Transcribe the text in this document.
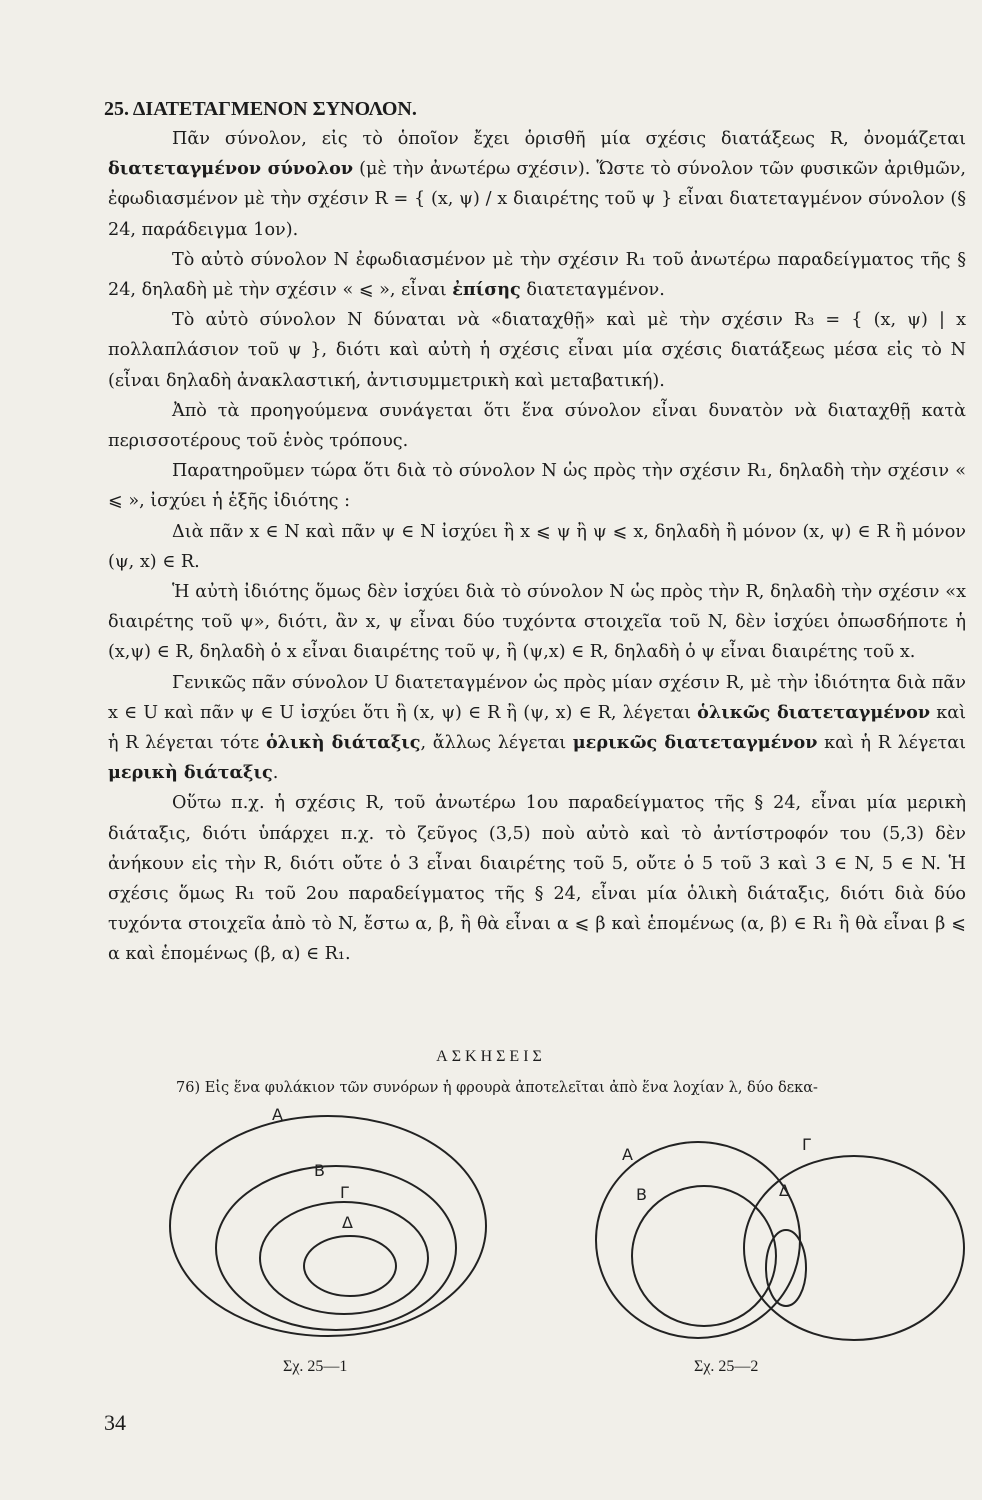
25. ΔΙΑΤΕΤΑΓΜΕΝΟΝ ΣΥΝΟΛΟΝ.

Πᾶν σύνολον, εἰς τὸ ὁποῖον ἔχει ὁρισθῆ μία σχέσις διατάξεως R, ὀνομάζεται διατεταγμένον σύνολον (μὲ τὴν ἀνωτέρω σχέσιν). Ὥστε τὸ σύνολον τῶν φυσικῶν ἀριθμῶν, ἐφωδιασμένον μὲ τὴν σχέσιν R = { (x, ψ) / x διαιρέτης τοῦ ψ } εἶναι διατεταγμένον σύνολον (§ 24, παράδειγμα 1ον).

Τὸ αὐτὸ σύνολον N ἐφωδιασμένον μὲ τὴν σχέσιν R₁ τοῦ ἀνωτέρω παραδείγματος τῆς § 24, δηλαδὴ μὲ τὴν σχέσιν « ⩽ », εἶναι ἐπίσης διατεταγμένον.

Τὸ αὐτὸ σύνολον N δύναται νὰ «διαταχθῇ» καὶ μὲ τὴν σχέσιν R₃ = { (x, ψ) | x πολλαπλάσιον τοῦ ψ }, διότι καὶ αὐτὴ ἡ σχέσις εἶναι μία σχέσις διατάξεως μέσα εἰς τὸ N (εἶναι δηλαδὴ ἀνακλαστική, ἀντισυμμετρικὴ καὶ μεταβατική).

Ἀπὸ τὰ προηγούμενα συνάγεται ὅτι ἕνα σύνολον εἶναι δυνατὸν νὰ διαταχθῇ κατὰ περισσοτέρους τοῦ ἑνὸς τρόπους.

Παρατηροῦμεν τώρα ὅτι διὰ τὸ σύνολον N ὡς πρὸς τὴν σχέσιν R₁, δηλαδὴ τὴν σχέσιν « ⩽ », ἰσχύει ἡ ἑξῆς ἰδιότης :

Διὰ πᾶν x ∈ N καὶ πᾶν ψ ∈ N ἰσχύει ἢ x ⩽ ψ ἢ ψ ⩽ x, δηλαδὴ ἢ μόνον (x, ψ) ∈ R ἢ μόνον (ψ, x) ∈ R.

Ἡ αὐτὴ ἰδιότης ὅμως δὲν ἰσχύει διὰ τὸ σύνολον N ὡς πρὸς τὴν R, δηλαδὴ τὴν σχέσιν «x διαιρέτης τοῦ ψ», διότι, ἂν x, ψ εἶναι δύο τυχόντα στοιχεῖα τοῦ N, δὲν ἰσχύει ὁπωσδήποτε ἡ (x,ψ) ∈ R, δηλαδὴ ὁ x εἶναι διαιρέτης τοῦ ψ, ἢ (ψ,x) ∈ R, δηλαδὴ ὁ ψ εἶναι διαιρέτης τοῦ x.

Γενικῶς πᾶν σύνολον U διατεταγμένον ὡς πρὸς μίαν σχέσιν R, μὲ τὴν ἰδιότητα διὰ πᾶν x ∈ U καὶ πᾶν ψ ∈ U ἰσχύει ὅτι ἢ (x, ψ) ∈ R ἢ (ψ, x) ∈ R, λέγεται ὁλικῶς διατεταγμένον καὶ ἡ R λέγεται τότε ὁλικὴ διάταξις, ἄλλως λέγεται μερικῶς διατεταγμένον καὶ ἡ R λέγεται μερικὴ διάταξις.

Οὕτω π.χ. ἡ σχέσις R, τοῦ ἀνωτέρω 1ου παραδείγματος τῆς § 24, εἶναι μία μερικὴ διάταξις, διότι ὑπάρχει π.χ. τὸ ζεῦγος (3,5) ποὺ αὐτὸ καὶ τὸ ἀντίστροφόν του (5,3) δὲν ἀνήκουν εἰς τὴν R, διότι οὔτε ὁ 3 εἶναι διαιρέτης τοῦ 5, οὔτε ὁ 5 τοῦ 3 καὶ 3 ∈ N, 5 ∈ N. Ἡ σχέσις ὅμως R₁ τοῦ 2ου παραδείγματος τῆς § 24, εἶναι μία ὁλικὴ διάταξις, διότι διὰ δύο τυχόντα στοιχεῖα ἀπὸ τὸ N, ἔστω α, β, ἢ θὰ εἶναι α ⩽ β καὶ ἑπομένως (α, β) ∈ R₁ ἢ θὰ εἶναι β ⩽ α καὶ ἑπομένως (β, α) ∈ R₁.

ΑΣΚΗΣΕΙΣ
76) Εἰς ἕνα φυλάκιον τῶν συνόρων ἡ φρουρὰ ἀποτελεῖται ἀπὸ ἕνα λοχίαν λ, δύο δεκα-
Α
Β
Γ
Δ
Α
Β
Γ
Δ
Σχ. 25—1	Σχ. 25—2
34
